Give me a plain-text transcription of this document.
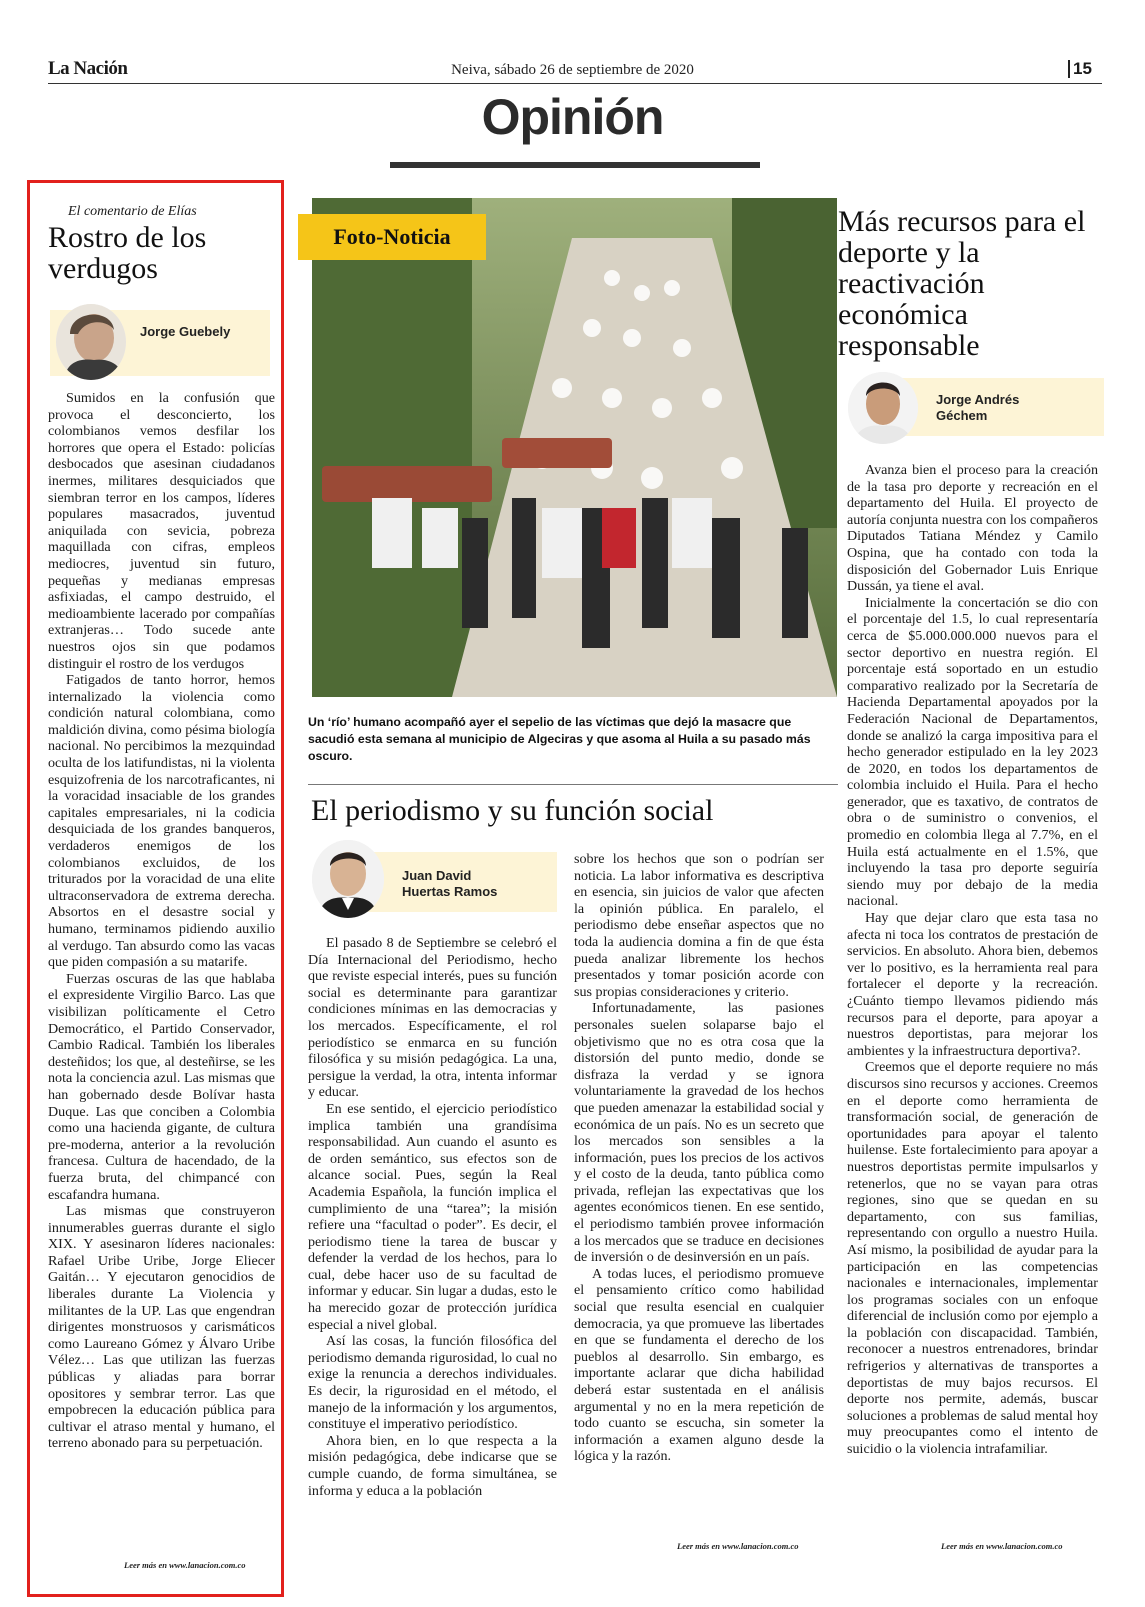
La Nación	Neiva, sábado 26 de septiembre de 2020	15
Opinión
El comentario de Elías
Rostro de los verdugos
Jorge Guebely

Sumidos en la confusión que provoca el desconcierto, los colombianos vemos desfilar los horrores que opera el Estado: policías desbocados que asesinan ciudadanos inermes, militares desquiciados que siembran terror en los campos, líderes populares masacrados, juventud aniquilada con sevicia, pobreza maquillada con cifras, empleos mediocres, juventud sin futuro, pequeñas y medianas empresas asfixiadas, el campo destruido, el medioambiente lacerado por compañías extranjeras… Todo sucede ante nuestros ojos sin que podamos distinguir el rostro de los verdugos

Fatigados de tanto horror, hemos internalizado la violencia como condición natural colombiana, como maldición divina, como pésima biología nacional. No percibimos la mezquindad oculta de los latifundistas, ni la violenta esquizofrenia de los narcotraficantes, ni la voracidad insaciable de los grandes capitales empresariales, ni la codicia desquiciada de los grandes banqueros, verdaderos enemigos de los colombianos excluidos, de los triturados por la voracidad de una elite ultraconservadora de extrema derecha. Absortos en el desastre social y humano, terminamos pidiendo auxilio al verdugo. Tan absurdo como las vacas que piden compasión a su matarife.

Fuerzas oscuras de las que hablaba el expresidente Virgilio Barco. Las que visibilizan políticamente el Cetro Democrático, el Partido Conservador, Cambio Radical. También los liberales desteñidos; los que, al desteñirse, se les nota la conciencia azul. Las mismas que han gobernado desde Bolívar hasta Duque. Las que conciben a Colombia como una hacienda gigante, de cultura pre-moderna, anterior a la revolución francesa. Cultura de hacendado, de la fuerza bruta, del chimpancé con escafandra humana.

Las mismas que construyeron innumerables guerras durante el siglo XIX. Y asesinaron líderes nacionales: Rafael Uribe Uribe, Jorge Eliecer Gaitán… Y ejecutaron genocidios de liberales durante La Violencia y militantes de la UP. Las que engendran dirigentes monstruosos y carismáticos como Laureano Gómez y Álvaro Uribe Vélez… Las que utilizan las fuerzas públicas y aliadas para borrar opositores y sembrar terror. Las que empobrecen la educación pública para cultivar el atraso mental y humano, el terreno abonado para su perpetuación.

Leer más en www.lanacion.com.co
Foto-Noticia
Un ‘río’ humano acompañó ayer el sepelio de las víctimas que dejó la masacre que sacudió esta semana al municipio de Algeciras y que asoma al Huila a su pasado más oscuro.
El periodismo y su función social
Juan David
Huertas Ramos

El pasado 8 de Septiembre se celebró el Día Internacional del Periodismo, hecho que reviste especial interés, pues su función social es determinante para garantizar condiciones mínimas en las democracias y los mercados. Específicamente, el rol periodístico se enmarca en su función filosófica y su misión pedagógica. La una, persigue la verdad, la otra, intenta informar y educar.

En ese sentido, el ejercicio periodístico implica también una grandísima responsabilidad. Aun cuando el asunto es de orden semántico, sus efectos son de alcance social. Pues, según la Real Academia Española, la función implica el cumplimiento de una “tarea”; la misión refiere una “facultad o poder”. Es decir, el periodismo tiene la tarea de buscar y defender la verdad de los hechos, para lo cual, debe hacer uso de su facultad de informar y educar. Sin lugar a dudas, esto le ha merecido gozar de protección jurídica especial a nivel global.

Así las cosas, la función filosófica del periodismo demanda rigurosidad, lo cual no exige la renuncia a derechos individuales. Es decir, la rigurosidad en el método, el manejo de la información y los argumentos, constituye el imperativo periodístico.

Ahora bien, en lo que respecta a la misión pedagógica, debe indicarse que se cumple cuando, de forma simultánea, se informa y educa a la población

sobre los hechos que son o podrían ser noticia. La labor informativa es descriptiva en esencia, sin juicios de valor que afecten la opinión pública. En paralelo, el periodismo debe enseñar aspectos que no toda la audiencia domina a fin de que ésta pueda analizar libremente los hechos presentados y tomar posición acorde con sus propias consideraciones y criterio.

Infortunadamente, las pasiones personales suelen solaparse bajo el objetivismo que no es otra cosa que la distorsión del punto medio, donde se disfraza la verdad y se ignora voluntariamente la gravedad de los hechos que pueden amenazar la estabilidad social y económica de un país. No es un secreto que los mercados son sensibles a la información, pues los precios de los activos y el costo de la deuda, tanto pública como privada, reflejan las expectativas que los agentes económicos tienen. En ese sentido, el periodismo también provee información a los mercados que se traduce en decisiones de inversión o de desinversión en un país.

A todas luces, el periodismo promueve el pensamiento crítico como habilidad social que resulta esencial en cualquier democracia, ya que promueve las libertades en que se fundamenta el derecho de los pueblos al desarrollo. Sin embargo, es importante aclarar que dicha habilidad deberá estar sustentada en el análisis argumental y no en la mera repetición de todo cuanto se escucha, sin someter la información a examen alguno desde la lógica y la razón.

Leer más en www.lanacion.com.co
Más recursos para el deporte y la reactivación económica responsable
Jorge Andrés
Géchem

Avanza bien el proceso para la creación de la tasa pro deporte y recreación en el departamento del Huila. El proyecto de autoría conjunta nuestra con los compañeros Diputados Tatiana Méndez y Camilo Ospina, que ha contado con toda la disposición del Gobernador Luis Enrique Dussán, ya tiene el aval.

Inicialmente la concertación se dio con el porcentaje del 1.5, lo cual representaría cerca de $5.000.000.000 nuevos para el sector deportivo en nuestra región. El porcentaje está soportado en un estudio comparativo realizado por la Secretaría de Hacienda Departamental apoyados por la Federación Nacional de Departamentos, donde se analizó la carga impositiva para el hecho generador estipulado en la ley 2023 de 2020, en todos los departamentos de colombia incluido el Huila. Para el hecho generador, que es taxativo, de contratos de obra o de suministro o convenios, el promedio en colombia llega al 7.7%, en el Huila está actualmente en el 1.5%, que incluyendo la tasa pro deporte seguiría siendo muy por debajo de la media nacional.

Hay que dejar claro que esta tasa no afecta ni toca los contratos de prestación de servicios. En absoluto. Ahora bien, debemos ver lo positivo, es la herramienta real para fortalecer el deporte y la recreación. ¿Cuánto tiempo llevamos pidiendo más recursos para el deporte, para apoyar a nuestros deportistas, para mejorar los ambientes y la infraestructura deportiva?.

Creemos que el deporte requiere no más discursos sino recursos y acciones. Creemos en el deporte como herramienta de transformación social, de generación de oportunidades para apoyar el talento huilense. Este fortalecimiento para apoyar a nuestros deportistas permite impulsarlos y retenerlos, que no se vayan para otras regiones, sino que se quedan en su departamento, con sus familias, representando con orgullo a nuestro Huila. Así mismo, la posibilidad de ayudar para la participación en las competencias nacionales e internacionales, implementar los programas sociales con un enfoque diferencial de inclusión como por ejemplo a la población con discapacidad. También, reconocer a nuestros entrenadores, brindar refrigerios y alternativas de transportes a deportistas de muy bajos recursos. El deporte nos permite, además, buscar soluciones a problemas de salud mental hoy muy preocupantes como el intento de suicidio o la violencia intrafamiliar.

Leer más en www.lanacion.com.co
